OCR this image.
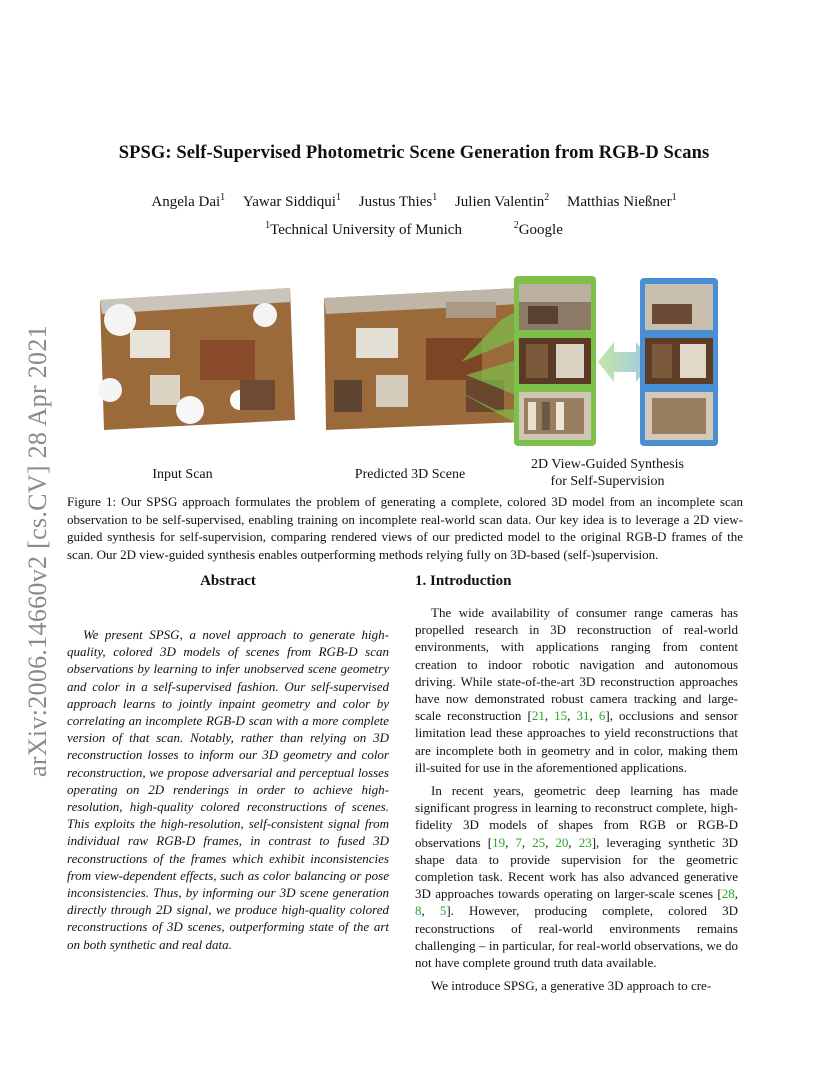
arXiv:2006.14660v2 [cs.CV] 28 Apr 2021
SPSG: Self-Supervised Photometric Scene Generation from RGB-D Scans
Angela Dai$^1$ Yawar Siddiqui$^1$ Justus Thies$^1$ Julien Valentin$^2$ Matthias Nießner$^1$
$^1$Technical University of Munich	$^2$Google
Input Scan	Predicted 3D Scene
2D View-Guided Synthesis
for Self-Supervision
Figure 1: Our SPSG approach formulates the problem of generating a complete, colored 3D model from an incomplete scan observation to be self-supervised, enabling training on incomplete real-world scan data. Our key idea is to leverage a 2D view-guided synthesis for self-supervision, comparing rendered views of our predicted model to the original RGB-D frames of the scan. Our 2D view-guided synthesis enables outperforming methods relying fully on 3D-based (self-)supervision.
Abstract
We present SPSG, a novel approach to generate high-quality, colored 3D models of scenes from RGB-D scan observations by learning to infer unobserved scene geometry and color in a self-supervised fashion. Our self-supervised approach learns to jointly inpaint geometry and color by correlating an incomplete RGB-D scan with a more complete version of that scan. Notably, rather than relying on 3D reconstruction losses to inform our 3D geometry and color reconstruction, we propose adversarial and perceptual losses operating on 2D renderings in order to achieve high-resolution, high-quality colored reconstructions of scenes. This exploits the high-resolution, self-consistent signal from individual raw RGB-D frames, in contrast to fused 3D reconstructions of the frames which exhibit inconsistencies from view-dependent effects, such as color balancing or pose inconsistencies. Thus, by informing our 3D scene generation directly through 2D signal, we produce high-quality colored reconstructions of 3D scenes, outperforming state of the art on both synthetic and real data.
1. Introduction

The wide availability of consumer range cameras has propelled research in 3D reconstruction of real-world environments, with applications ranging from content creation to indoor robotic navigation and autonomous driving. While state-of-the-art 3D reconstruction approaches have now demonstrated robust camera tracking and large-scale reconstruction [21, 15, 31, 6], occlusions and sensor limitation lead these approaches to yield reconstructions that are incomplete both in geometry and in color, making them ill-suited for use in the aforementioned applications.

In recent years, geometric deep learning has made significant progress in learning to reconstruct complete, high-fidelity 3D models of shapes from RGB or RGB-D observations [19, 7, 25, 20, 23], leveraging synthetic 3D shape data to provide supervision for the geometric completion task. Recent work has also advanced generative 3D approaches towards operating on larger-scale scenes [28, 8, 5]. However, producing complete, colored 3D reconstructions of real-world environments remains challenging – in particular, for real-world observations, we do not have complete ground truth data available.

We introduce SPSG, a generative 3D approach to cre-
